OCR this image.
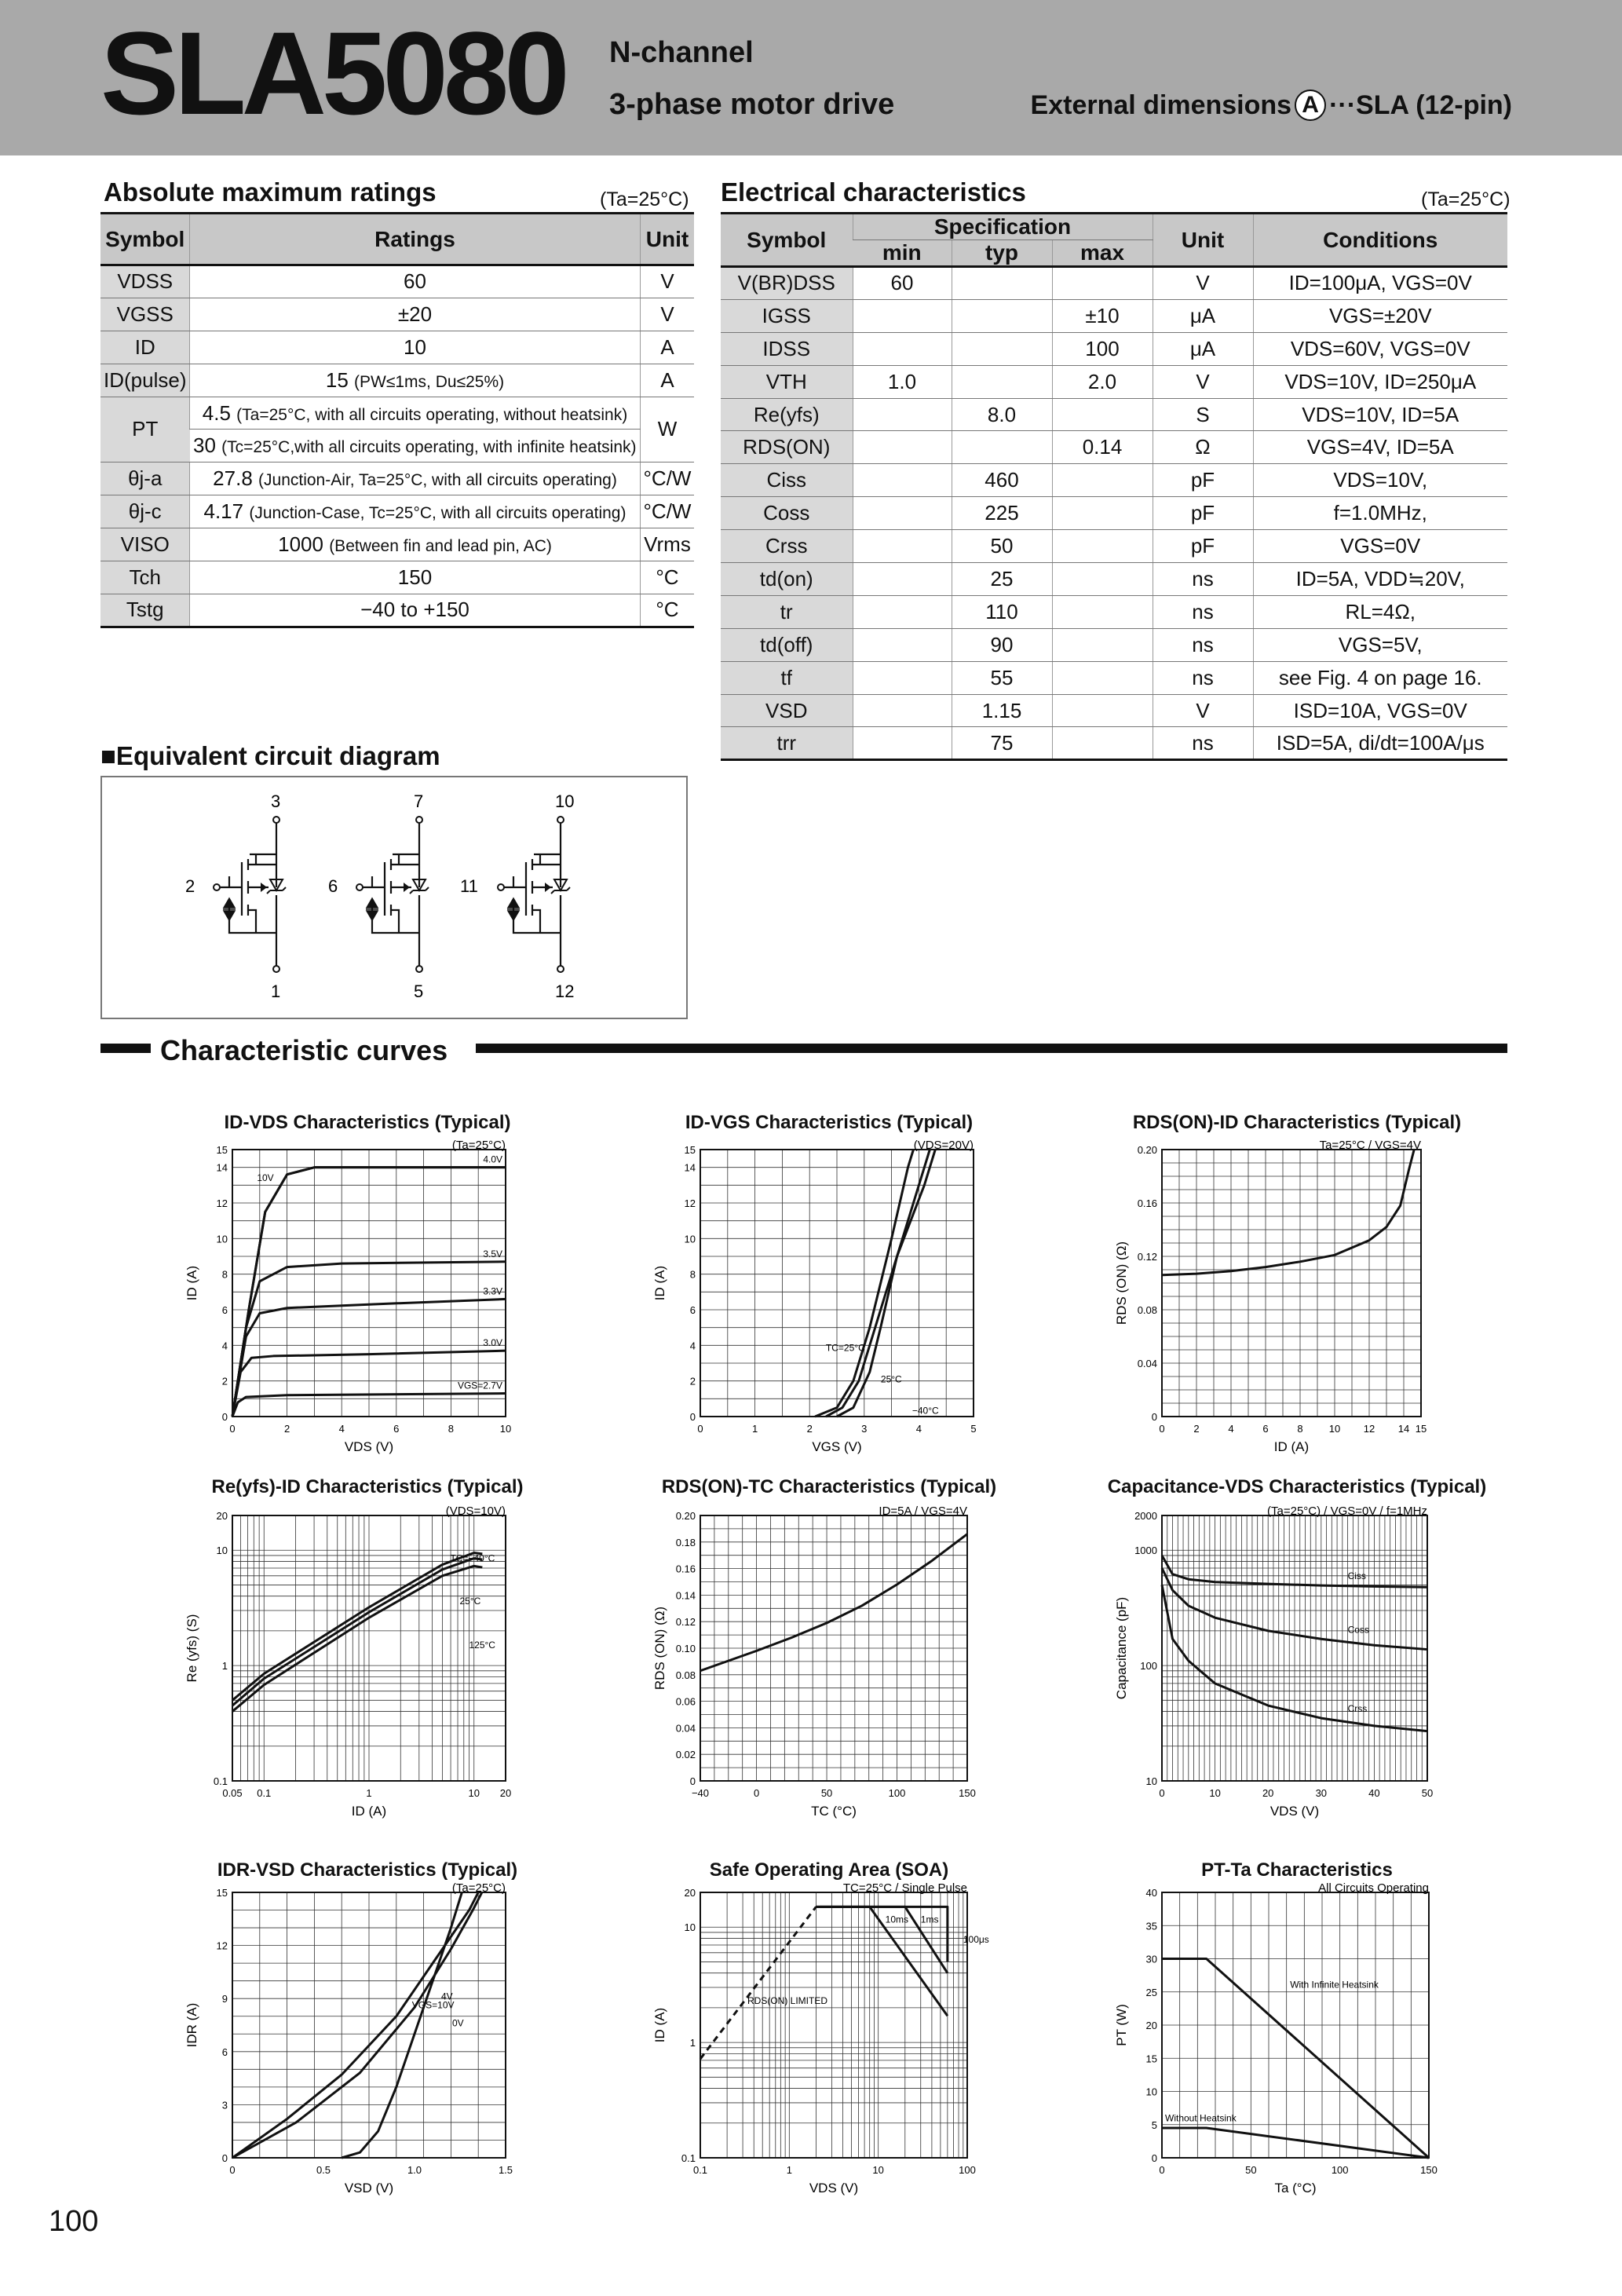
SLA5080 N-channel
3-phase motor drive	External dimensions A ···SLA (12-pin)
Absolute maximum ratings	(Ta=25°C)
Symbol	Ratings	Unit
VDSS	60	V
VGSS	±20	V
ID	10	A
ID(pulse)	15 (PW≤1ms, Du≤25%)	A
PT	4.5 (Ta=25°C, with all circuits operating, without heatsink)	W
	30 (Tc=25°C,with all circuits operating, with infinite heatsink)	
θj-a	27.8 (Junction-Air, Ta=25°C, with all circuits operating)	°C/W
θj-c	4.17 (Junction-Case, Tc=25°C, with all circuits operating)	°C/W
VISO	1000 (Between fin and lead pin, AC)	Vrms
Tch	150	°C
Tstg	−40 to +150	°C
Electrical characteristics	(Ta=25°C)
Symbol	Specification			Unit	Conditions
	min	typ	max		
V(BR)DSS	60			V	ID=100μA, VGS=0V
IGSS			±10	μA	VGS=±20V
IDSS			100	μA	VDS=60V, VGS=0V
VTH	1.0		2.0	V	VDS=10V, ID=250μA
Re(yfs)		8.0		S	VDS=10V, ID=5A
RDS(ON)			0.14	Ω	VGS=4V, ID=5A
Ciss		460		pF	VDS=10V,
Coss		225		pF	f=1.0MHz,
Crss		50		pF	VGS=0V
td(on)		25		ns	ID=5A, VDD≒20V,
tr		110		ns	RL=4Ω,
td(off)		90		ns	VGS=5V,
tf		55		ns	see Fig. 4 on page 16.
VSD		1.15		V	ISD=10A, VGS=0V
trr		75		ns	ISD=5A, di/dt=100A/μs
■Equivalent circuit diagram
3
1
2
7
5
6
10
12
11
Characteristic curves
ID-VDS Characteristics (Typical)
0	2	4	6	8	10
0
2
4
6
8
10
12
14
15
VDS (V)
ID (A)
(Ta=25°C)
10V
4.0V
3.5V
3.3V
3.0V
VGS=2.7V
ID-VGS Characteristics (Typical)
0	1	2	3	4	5
0
2
4
6
8
10
12
14
15
VGS (V)
ID (A)
(VDS=20V)
TC=25°C
25°C
−40°C
RDS(ON)-ID Characteristics (Typical)
0	2	4	6	8	10 12 14 15
0
0.04
0.08
0.12
0.16
0.20
ID (A)
RDS (ON) (Ω)
Ta=25°C / VGS=4V
Re(yfs)-ID Characteristics (Typical)
0.05 0.1	1	10 20
0.1
1
10
20
ID (A)
Re (yfs) (S)
(VDS=10V)
TC=−40°C
25°C
125°C
RDS(ON)-TC Characteristics (Typical)
−40	0	50	100	150
0
0.02
0.04
0.06
0.08
0.10
0.12
0.14
0.16
0.18
0.20
TC (°C)
RDS (ON) (Ω)
ID=5A / VGS=4V
Capacitance-VDS Characteristics (Typical)
0	10	20	30	40	50
10
100
1000
2000
VDS (V)
Capacitance (pF)
(Ta=25°C) / VGS=0V / f=1MHz
Ciss
Coss
Crss
IDR-VSD Characteristics (Typical)
0	0.5	1.0	1.5
0
3
6
9
12
15
VSD (V)
IDR (A)
(Ta=25°C)
VGS=10V
4V
0V
Safe Operating Area (SOA)
0.1	1	10	100
0.1
1
10
20
VDS (V)
ID (A)
TC=25°C / Single Pulse
RDS(ON) LIMITED
100μs
1ms
10ms
PT-Ta Characteristics
0	50	100	150
0
5
10
15
20
25
30
35
40
Ta (°C)
PT (W)
All Circuits Operating
With Infinite Heatsink
Without Heatsink
100
